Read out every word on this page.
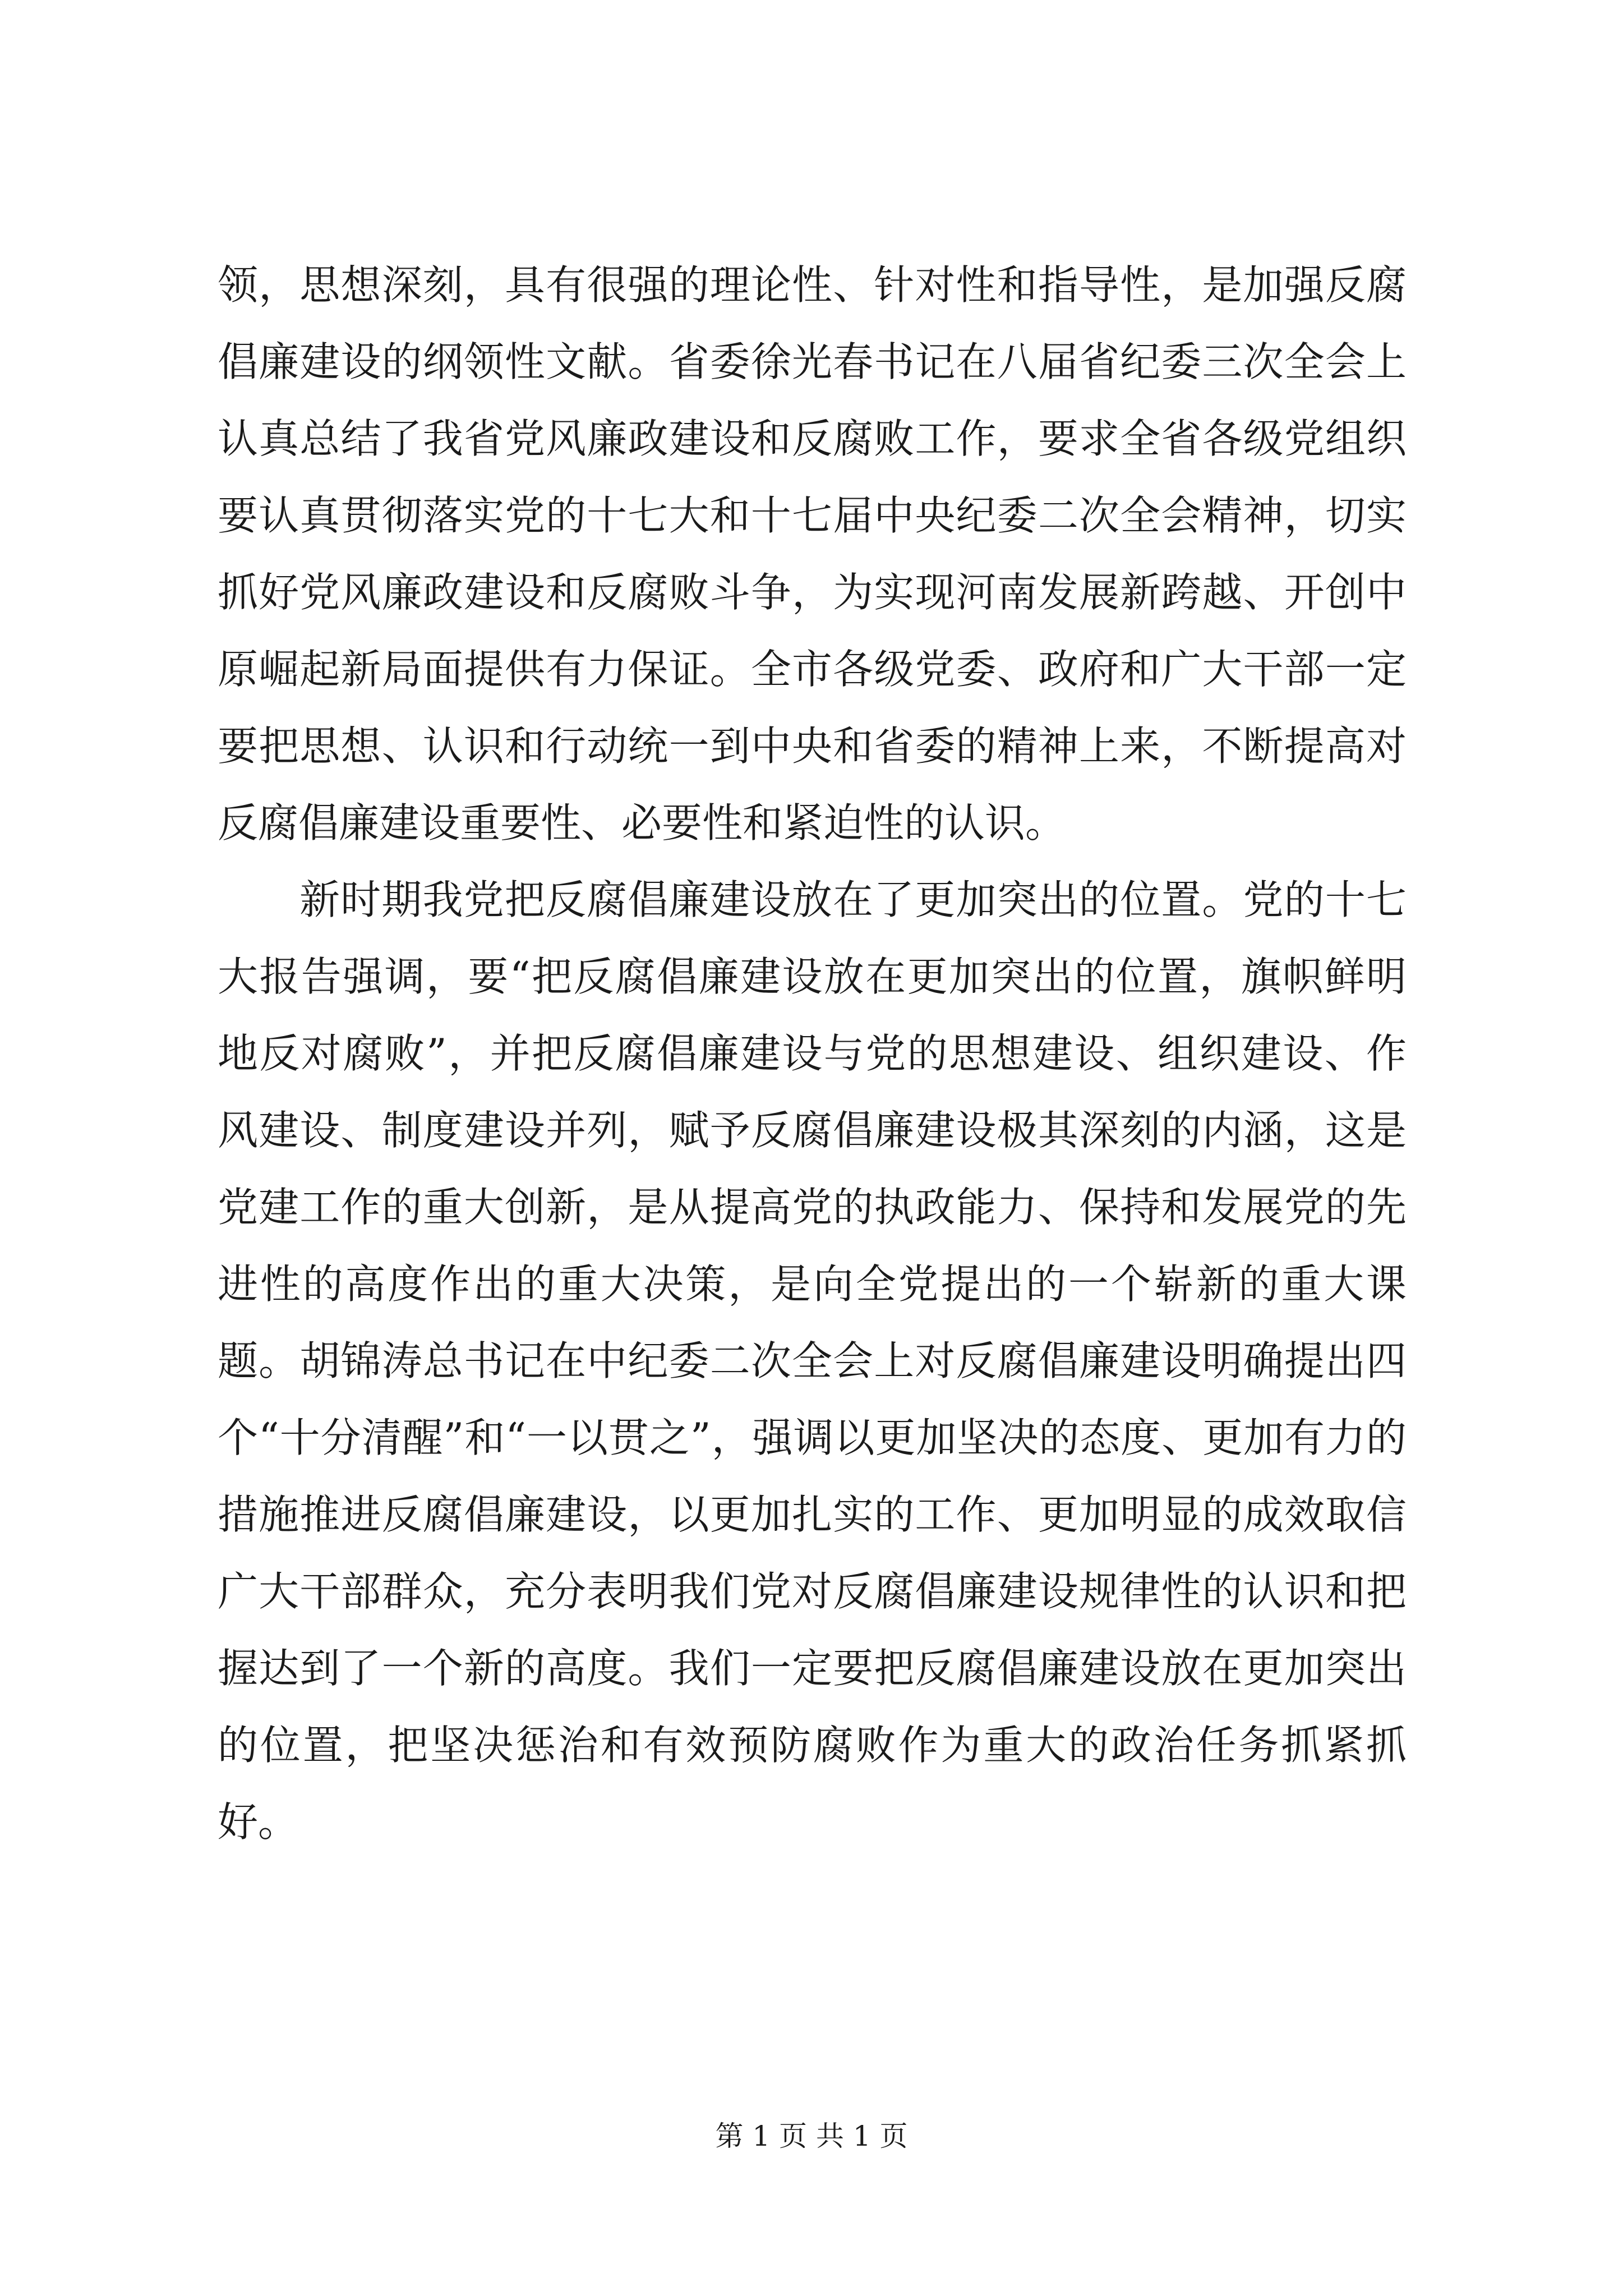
领，思想深刻，具有很强的理论性、针对性和指导性，是加强反腐倡廉建设的纲领性文献。省委徐光春书记在八届省纪委三次全会上认真总结了我省党风廉政建设和反腐败工作，要求全省各级党组织要认真贯彻落实党的十七大和十七届中央纪委二次全会精神，切实抓好党风廉政建设和反腐败斗争，为实现河南发展新跨越、开创中原崛起新局面提供有力保证。全市各级党委、政府和广大干部一定要把思想、认识和行动统一到中央和省委的精神上来，不断提高对反腐倡廉建设重要性、必要性和紧迫性的认识。

新时期我党把反腐倡廉建设放在了更加突出的位置。党的十七大报告强调，要“把反腐倡廉建设放在更加突出的位置，旗帜鲜明地反对腐败”，并把反腐倡廉建设与党的思想建设、组织建设、作风建设、制度建设并列，赋予反腐倡廉建设极其深刻的内涵，这是党建工作的重大创新，是从提高党的执政能力、保持和发展党的先进性的高度作出的重大决策，是向全党提出的一个崭新的重大课题。胡锦涛总书记在中纪委二次全会上对反腐倡廉建设明确提出四个“十分清醒”和“一以贯之”，强调以更加坚决的态度、更加有力的措施推进反腐倡廉建设，以更加扎实的工作、更加明显的成效取信广大干部群众，充分表明我们党对反腐倡廉建设规律性的认识和把握达到了一个新的高度。我们一定要把反腐倡廉建设放在更加突出的位置，把坚决惩治和有效预防腐败作为重大的政治任务抓紧抓好。

第 1 页 共 1 页
